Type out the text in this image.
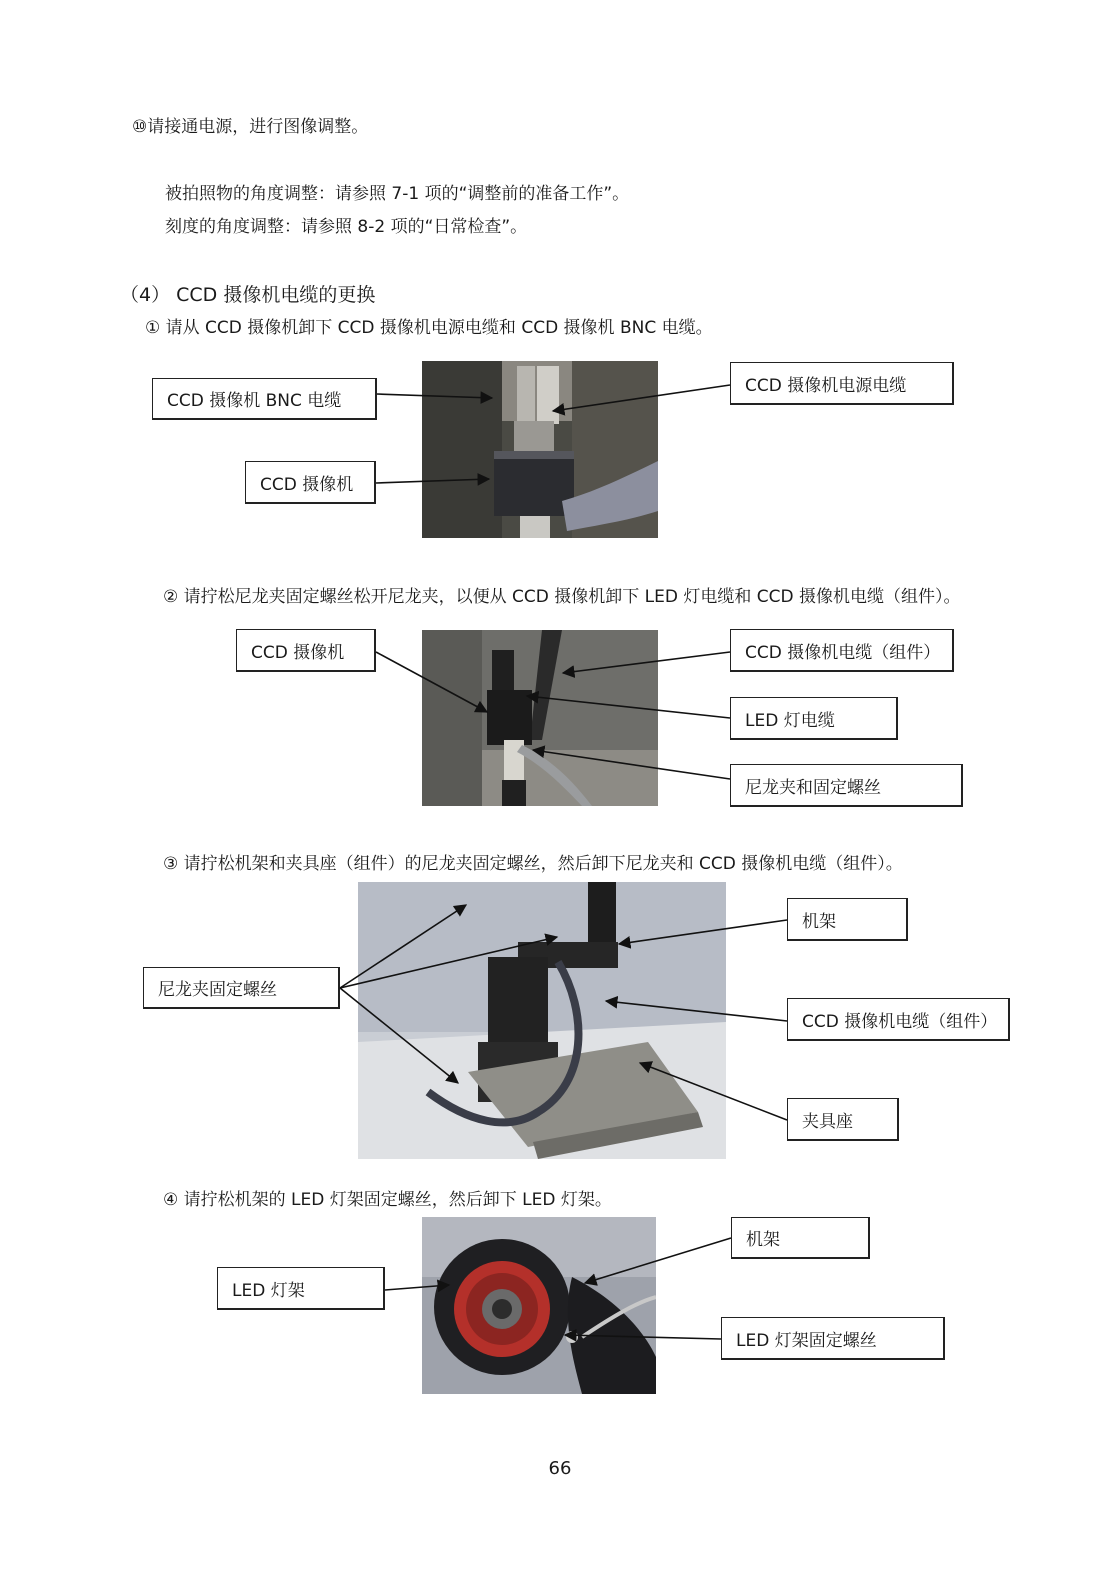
⑩请接通电源，进行图像调整。
被拍照物的角度调整：请参照 7-1 项的“调整前的准备工作”。
刻度的角度调整：请参照 8-2 项的“日常检查”。
（4） CCD 摄像机电缆的更换
① 请从 CCD 摄像机卸下 CCD 摄像机电源电缆和 CCD 摄像机 BNC 电缆。
CCD 摄像机 BNC 电缆
CCD 摄像机
CCD 摄像机电源电缆
② 请拧松尼龙夹固定螺丝松开尼龙夹，以便从 CCD 摄像机卸下 LED 灯电缆和 CCD 摄像机电缆（组件）。
CCD 摄像机	CCD 摄像机电缆（组件）
LED 灯电缆
尼龙夹和固定螺丝
③ 请拧松机架和夹具座（组件）的尼龙夹固定螺丝，然后卸下尼龙夹和 CCD 摄像机电缆（组件）。
尼龙夹固定螺丝
机架
CCD 摄像机电缆（组件）
夹具座
④ 请拧松机架的 LED 灯架固定螺丝，然后卸下 LED 灯架。
机架
LED 灯架
LED 灯架固定螺丝
66
